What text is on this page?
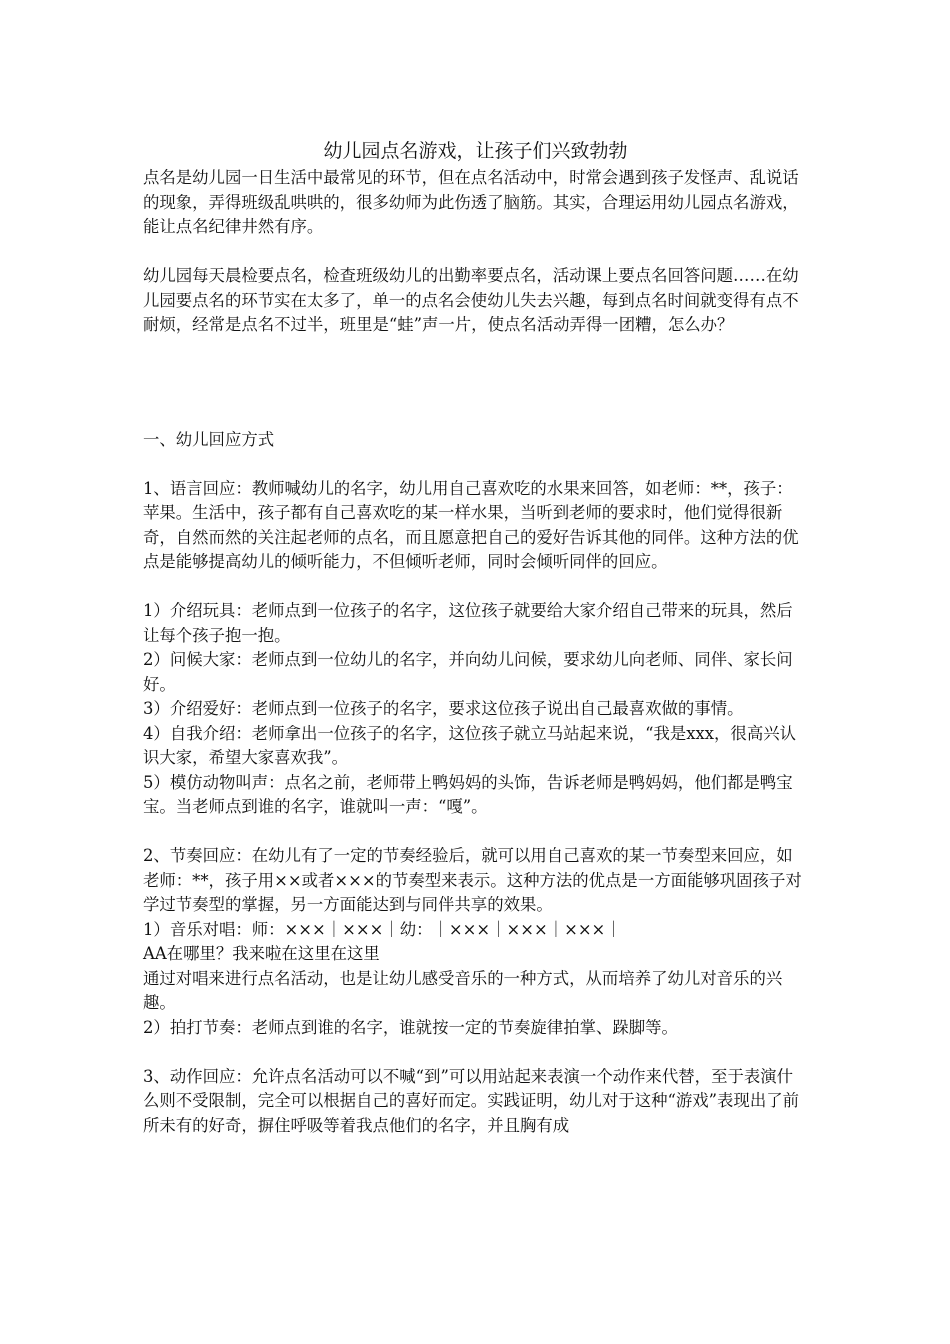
幼儿园点名游戏，让孩子们兴致勃勃

点名是幼儿园一日生活中最常见的环节，但在点名活动中，时常会遇到孩子发怪声、乱说话的现象，弄得班级乱哄哄的，很多幼师为此伤透了脑筋。其实，合理运用幼儿园点名游戏，能让点名纪律井然有序。

幼儿园每天晨检要点名，检查班级幼儿的出勤率要点名，活动课上要点名回答问题……在幼儿园要点名的环节实在太多了，单一的点名会使幼儿失去兴趣，每到点名时间就变得有点不耐烦，经常是点名不过半，班里是“蛙”声一片，使点名活动弄得一团糟，怎么办？

一、幼儿回应方式

1、语言回应：教师喊幼儿的名字，幼儿用自己喜欢吃的水果来回答，如老师：**，孩子：苹果。生活中，孩子都有自己喜欢吃的某一样水果，当听到老师的要求时，他们觉得很新奇，自然而然的关注起老师的点名，而且愿意把自己的爱好告诉其他的同伴。这种方法的优点是能够提高幼儿的倾听能力，不但倾听老师，同时会倾听同伴的回应。

1）介绍玩具：老师点到一位孩子的名字，这位孩子就要给大家介绍自己带来的玩具，然后让每个孩子抱一抱。

2）问候大家：老师点到一位幼儿的名字，并向幼儿问候，要求幼儿向老师、同伴、家长问好。

3）介绍爱好：老师点到一位孩子的名字，要求这位孩子说出自己最喜欢做的事情。

4）自我介绍：老师拿出一位孩子的名字，这位孩子就立马站起来说，“我是xxx，很高兴认识大家，希望大家喜欢我”。

5）模仿动物叫声：点名之前，老师带上鸭妈妈的头饰，告诉老师是鸭妈妈，他们都是鸭宝宝。当老师点到谁的名字，谁就叫一声：“嘎”。

2、节奏回应：在幼儿有了一定的节奏经验后，就可以用自己喜欢的某一节奏型来回应，如老师：**，孩子用××或者×××的节奏型来表示。这种方法的优点是一方面能够巩固孩子对学过节奏型的掌握，另一方面能达到与同伴共享的效果。

1）音乐对唱：师：×××｜×××｜幼：｜×××｜×××｜×××｜

AA在哪里？我来啦在这里在这里

通过对唱来进行点名活动，也是让幼儿感受音乐的一种方式，从而培养了幼儿对音乐的兴趣。

2）拍打节奏：老师点到谁的名字，谁就按一定的节奏旋律拍掌、跺脚等。

3、动作回应：允许点名活动可以不喊“到”可以用站起来表演一个动作来代替，至于表演什么则不受限制，完全可以根据自己的喜好而定。实践证明，幼儿对于这种“游戏”表现出了前所未有的好奇，摒住呼吸等着我点他们的名字，并且胸有成
